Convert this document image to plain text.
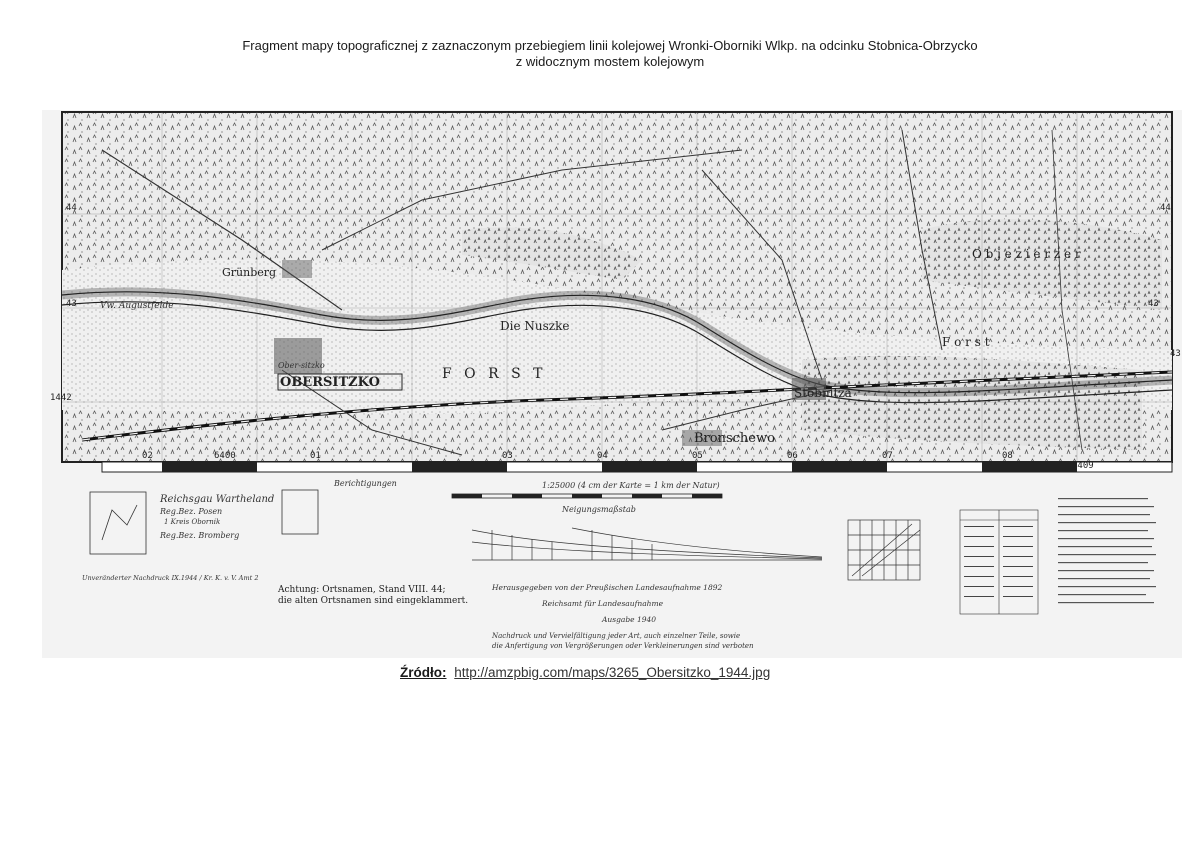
Fragment mapy topograficznej z zaznaczonym przebiegiem linii kolejowej Wronki-Oborniki Wlkp. na odcinku Stobnica-Obrzycko
z widocznym mostem kolejowym
OBERSITZKO
Stobnitza
Bronschewo
Grünberg
Die Nuszke
F O R S T
O b j e z i e r z e r
F o r s t
Vw. Augustfelde
Ober-sitzko
44
43
1442
44
43
43
02	6400	01	03	04	05	06	07	08
6409
Reichsgau Wartheland
Reg.Bez. Posen
1 Kreis Obornik
Reg.Bez. Bromberg
Unveränderter Nachdruck IX.1944 / Kr. K. v. V. Amt 2
Berichtigungen
Achtung: Ortsnamen, Stand VIII. 44;
die alten Ortsnamen sind eingeklammert.
1:25000 (4 cm der Karte = 1 km der Natur)
Neigungsmaßstab
Herausgegeben von der Preußischen Landesaufnahme 1892
Reichsamt für Landesaufnahme
Ausgabe 1940
Nachdruck und Vervielfältigung jeder Art, auch einzelner Teile, sowie
die Anfertigung von Vergrößerungen oder Verkleinerungen sind verboten
Źródło: http://amzpbig.com/maps/3265_Obersitzko_1944.jpg
